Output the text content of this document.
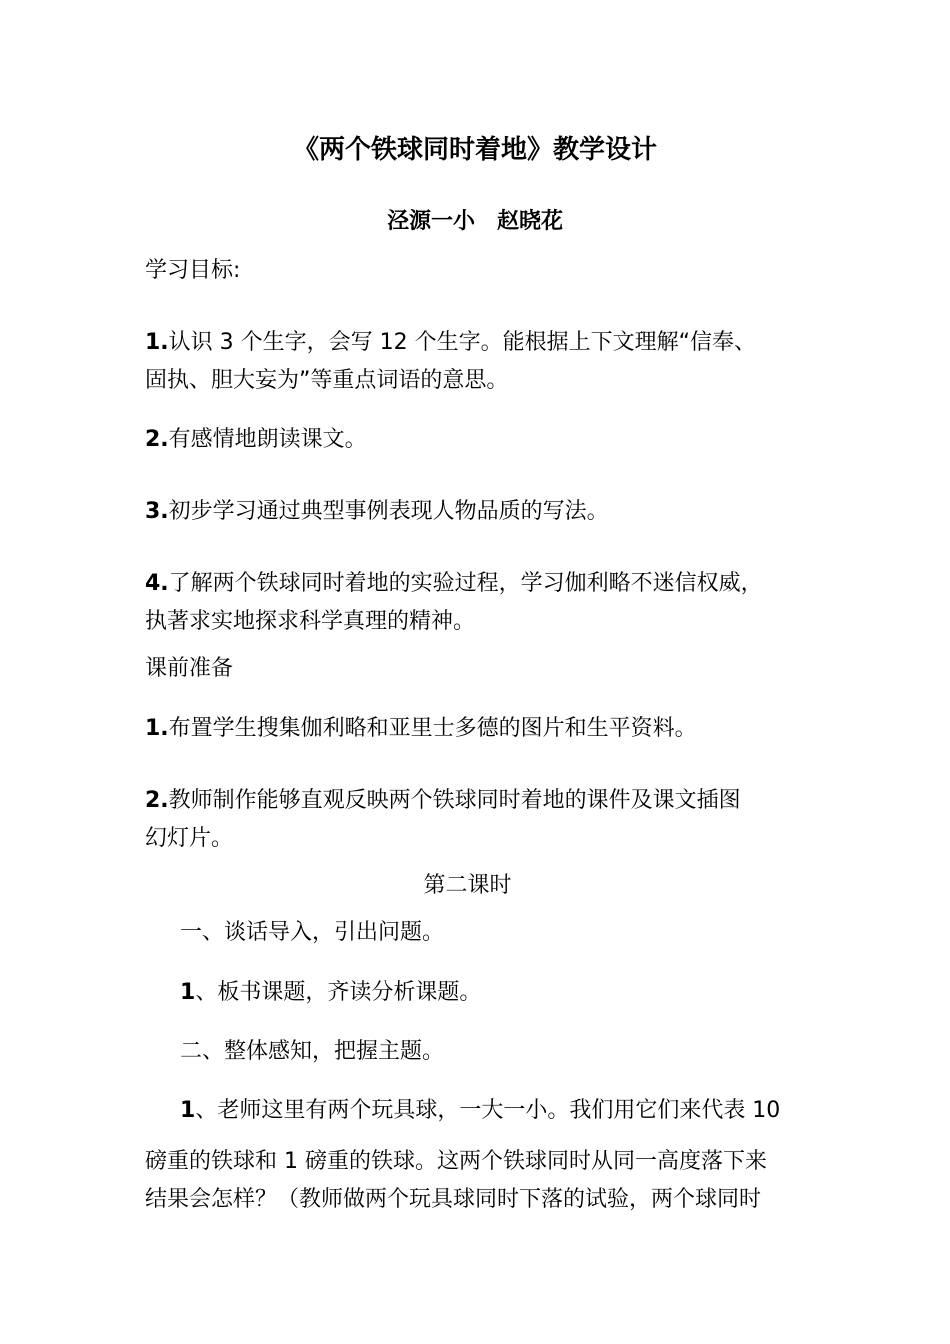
《两个铁球同时着地》教学设计
泾源一小　赵晓花
学习目标:
1.认识 3 个生字，会写 12 个生字。能根据上下文理解“信奉、
固执、胆大妄为”等重点词语的意思。
2.有感情地朗读课文。
3.初步学习通过典型事例表现人物品质的写法。
4.了解两个铁球同时着地的实验过程，学习伽利略不迷信权威，
执著求实地探求科学真理的精神。
课前准备
1.布置学生搜集伽利略和亚里士多德的图片和生平资料。
2.教师制作能够直观反映两个铁球同时着地的课件及课文插图
幻灯片。
第二课时
一、谈话导入，引出问题。
1、板书课题，齐读分析课题。
二、整体感知，把握主题。
1、老师这里有两个玩具球，一大一小。我们用它们来代表 10
磅重的铁球和 1 磅重的铁球。这两个铁球同时从同一高度落下来
结果会怎样？（教师做两个玩具球同时下落的试验，两个球同时
